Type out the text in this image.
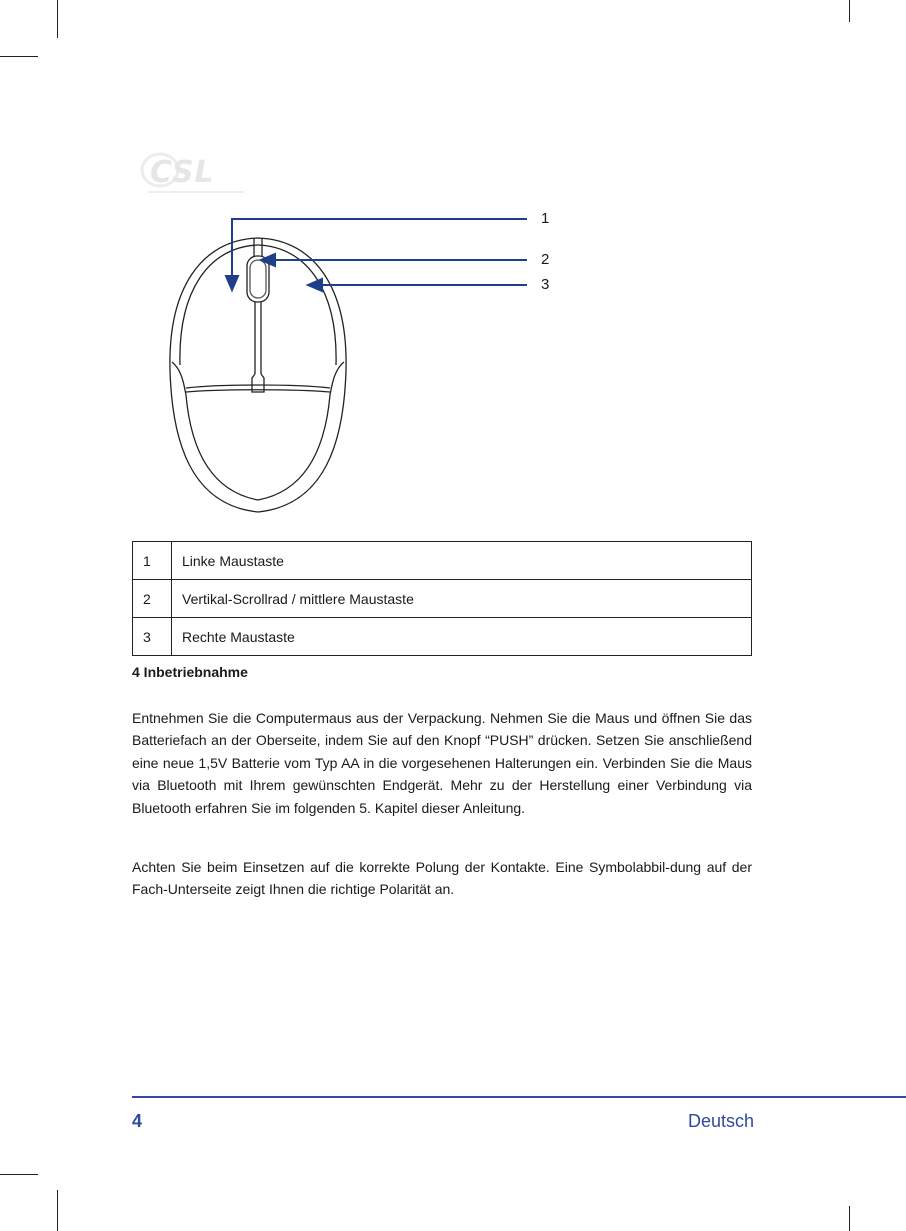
CSL
1
2
3
1	Linke Maustaste
2	Vertikal-Scrollrad / mittlere Maustaste
3	Rechte Maustaste
4 Inbetriebnahme

Entnehmen Sie die Computermaus aus der Verpackung. Nehmen Sie die Maus und öffnen Sie das Batteriefach an der Oberseite, indem Sie auf den Knopf “PUSH” drücken. Setzen Sie anschließend eine neue 1,5V Batterie vom Typ AA in die vorgesehenen Halterungen ein. Verbinden Sie die Maus via Bluetooth mit Ihrem gewünschten Endgerät. Mehr zu der Herstellung einer Verbindung via Bluetooth erfahren Sie im folgenden 5. Kapitel dieser Anleitung.

Achten Sie beim Einsetzen auf die korrekte Polung der Kontakte. Eine Symbolabbil-dung auf der Fach-Unterseite zeigt Ihnen die richtige Polarität an.

4	Deutsch
